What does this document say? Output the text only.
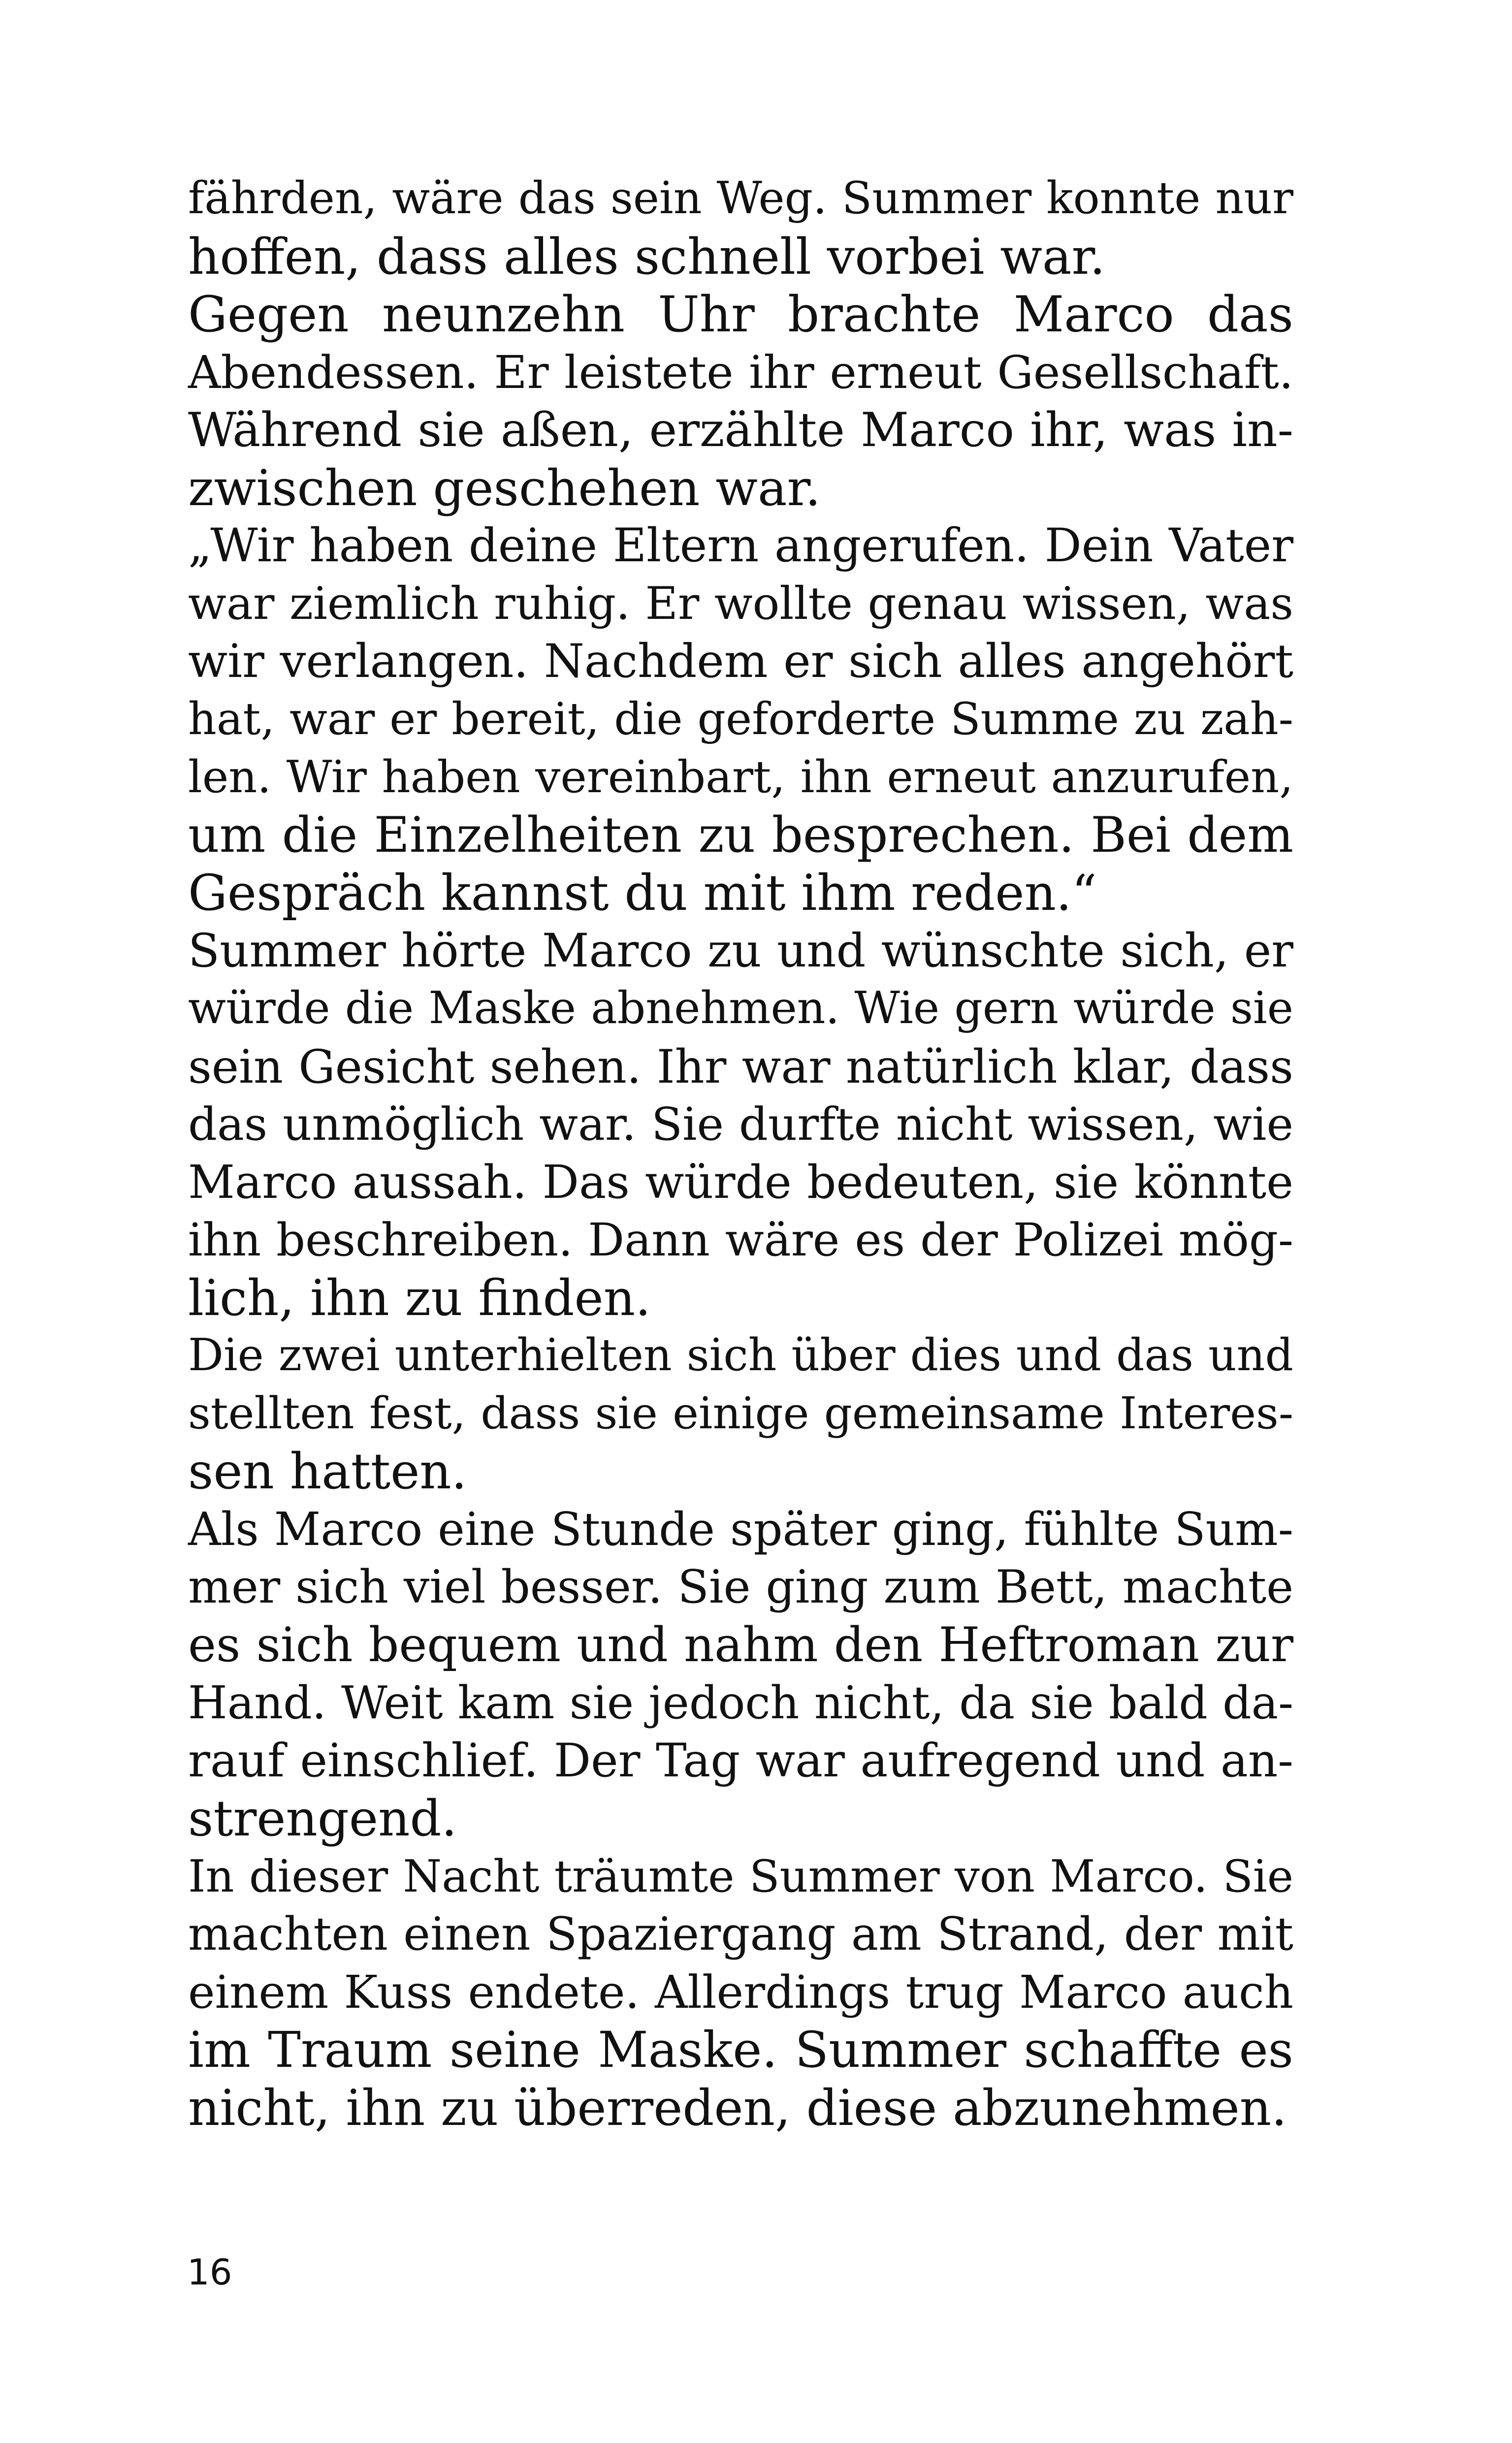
fährden, wäre das sein Weg. Summer konnte nur
hoffen, dass alles schnell vorbei war.
Gegen neunzehn Uhr brachte Marco das
Abendessen. Er leistete ihr erneut Gesellschaft.
Während sie aßen, erzählte Marco ihr, was in-
zwischen geschehen war.
„Wir haben deine Eltern angerufen. Dein Vater
war ziemlich ruhig. Er wollte genau wissen, was
wir verlangen. Nachdem er sich alles angehört
hat, war er bereit, die geforderte Summe zu zah-
len. Wir haben vereinbart, ihn erneut anzurufen,
um die Einzelheiten zu besprechen. Bei dem
Gespräch kannst du mit ihm reden.“
Summer hörte Marco zu und wünschte sich, er
würde die Maske abnehmen. Wie gern würde sie
sein Gesicht sehen. Ihr war natürlich klar, dass
das unmöglich war. Sie durfte nicht wissen, wie
Marco aussah. Das würde bedeuten, sie könnte
ihn beschreiben. Dann wäre es der Polizei mög-
lich, ihn zu finden.
Die zwei unterhielten sich über dies und das und
stellten fest, dass sie einige gemeinsame Interes-
sen hatten.
Als Marco eine Stunde später ging, fühlte Sum-
mer sich viel besser. Sie ging zum Bett, machte
es sich bequem und nahm den Heftroman zur
Hand. Weit kam sie jedoch nicht, da sie bald da-
rauf einschlief. Der Tag war aufregend und an-
strengend.
In dieser Nacht träumte Summer von Marco. Sie
machten einen Spaziergang am Strand, der mit
einem Kuss endete. Allerdings trug Marco auch
im Traum seine Maske. Summer schaffte es
nicht, ihn zu überreden, diese abzunehmen.
16
